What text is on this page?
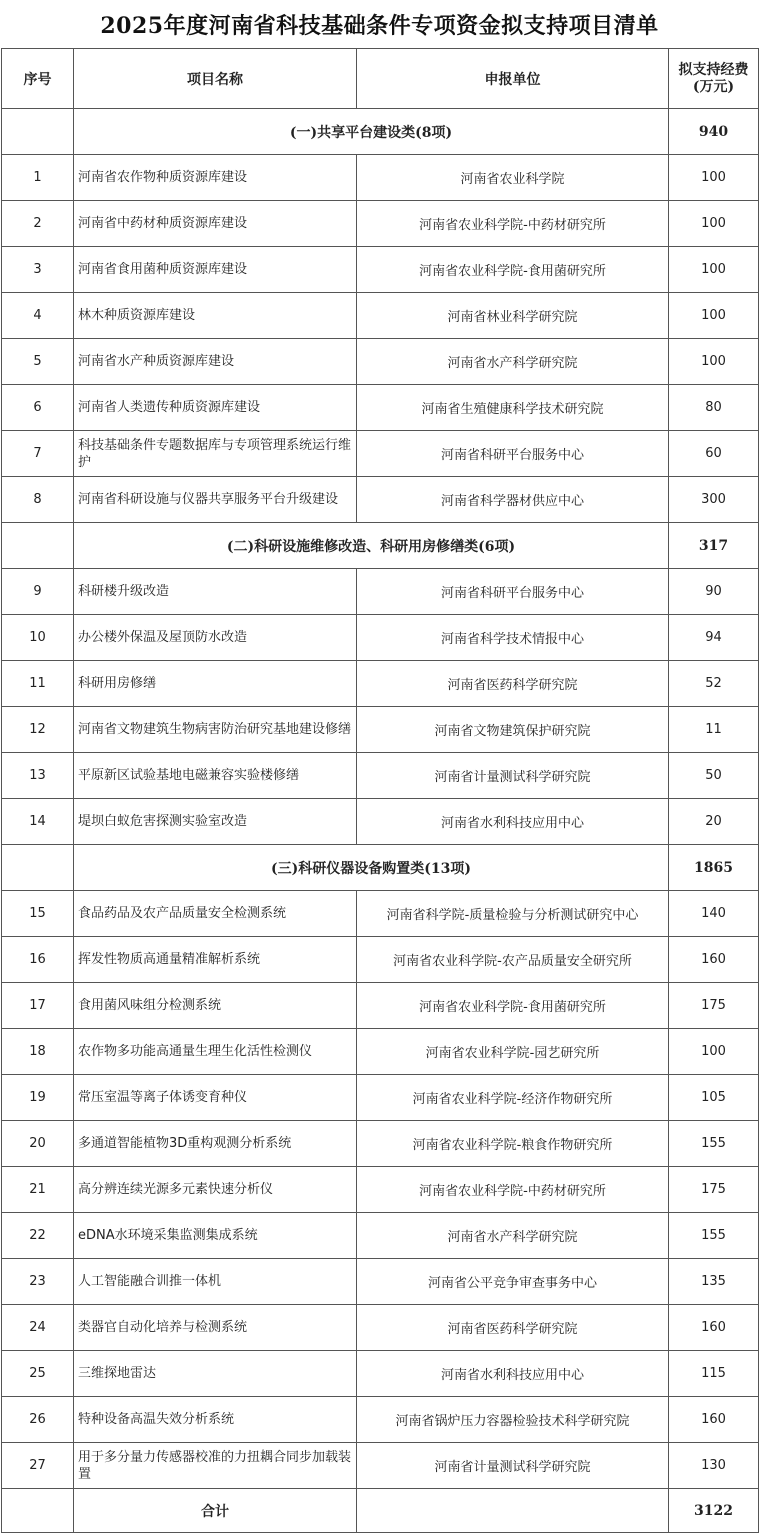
2025年度河南省科技基础条件专项资金拟支持项目清单
序号	项目名称	申报单位	拟支持经费
(万元)
	(一)共享平台建设类(8项)		940
1	河南省农作物种质资源库建设	河南省农业科学院	100
2	河南省中药材种质资源库建设	河南省农业科学院-中药材研究所	100
3	河南省食用菌种质资源库建设	河南省农业科学院-食用菌研究所	100
4	林木种质资源库建设	河南省林业科学研究院	100
5	河南省水产种质资源库建设	河南省水产科学研究院	100
6	河南省人类遗传种质资源库建设	河南省生殖健康科学技术研究院	80
7	科技基础条件专题数据库与专项管理系统运行维护	河南省科研平台服务中心	60
8	河南省科研设施与仪器共享服务平台升级建设	河南省科学器材供应中心	300
	(二)科研设施维修改造、科研用房修缮类(6项)		317
9	科研楼升级改造	河南省科研平台服务中心	90
10	办公楼外保温及屋顶防水改造	河南省科学技术情报中心	94
11	科研用房修缮	河南省医药科学研究院	52
12	河南省文物建筑生物病害防治研究基地建设修缮	河南省文物建筑保护研究院	11
13	平原新区试验基地电磁兼容实验楼修缮	河南省计量测试科学研究院	50
14	堤坝白蚁危害探测实验室改造	河南省水利科技应用中心	20
	(三)科研仪器设备购置类(13项)		1865
15	食品药品及农产品质量安全检测系统	河南省科学院-质量检验与分析测试研究中心	140
16	挥发性物质高通量精准解析系统	河南省农业科学院-农产品质量安全研究所	160
17	食用菌风味组分检测系统	河南省农业科学院-食用菌研究所	175
18	农作物多功能高通量生理生化活性检测仪	河南省农业科学院-园艺研究所	100
19	常压室温等离子体诱变育种仪	河南省农业科学院-经济作物研究所	105
20	多通道智能植物3D重构观测分析系统	河南省农业科学院-粮食作物研究所	155
21	高分辨连续光源多元素快速分析仪	河南省农业科学院-中药材研究所	175
22	eDNA水环境采集监测集成系统	河南省水产科学研究院	155
23	人工智能融合训推一体机	河南省公平竞争审查事务中心	135
24	类器官自动化培养与检测系统	河南省医药科学研究院	160
25	三维探地雷达	河南省水利科技应用中心	115
26	特种设备高温失效分析系统	河南省锅炉压力容器检验技术科学研究院	160
27	用于多分量力传感器校准的力扭耦合同步加载装置	河南省计量测试科学研究院	130
	合计		3122
